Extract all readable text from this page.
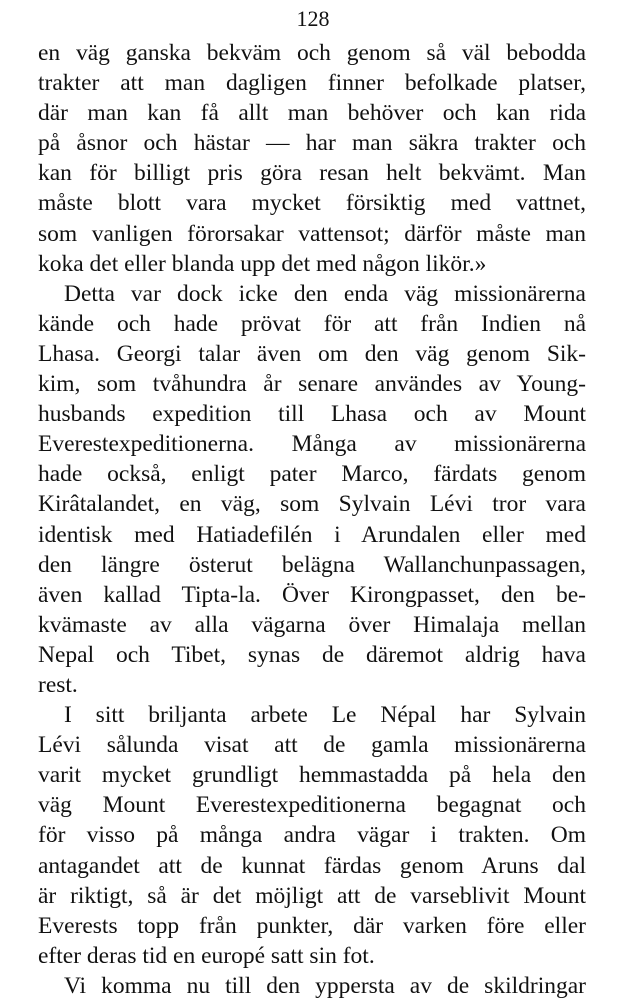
128
en väg ganska bekväm och genom så väl bebodda
trakter att man dagligen finner befolkade platser,
där man kan få allt man behöver och kan rida
på åsnor och hästar — har man säkra trakter och
kan för billigt pris göra resan helt bekvämt. Man
måste blott vara mycket försiktig med vattnet,
som vanligen förorsakar vattensot; därför måste man
koka det eller blanda upp det med någon likör.»
Detta var dock icke den enda väg missionärerna
kände och hade prövat för att från Indien nå
Lhasa. Georgi talar även om den väg genom Sik-
kim, som tvåhundra år senare användes av Young-
husbands expedition till Lhasa och av Mount
Everestexpeditionerna. Många av missionärerna
hade också, enligt pater Marco, färdats genom
Kirâtalandet, en väg, som Sylvain Lévi tror vara
identisk med Hatiadefilén i Arundalen eller med
den längre österut belägna Wallanchunpassagen,
även kallad Tipta-la. Över Kirongpasset, den be-
kvämaste av alla vägarna över Himalaja mellan
Nepal och Tibet, synas de däremot aldrig hava
rest.
I sitt briljanta arbete Le Népal har Sylvain
Lévi sålunda visat att de gamla missionärerna
varit mycket grundligt hemmastadda på hela den
väg Mount Everestexpeditionerna begagnat och
för visso på många andra vägar i trakten. Om
antagandet att de kunnat färdas genom Aruns dal
är riktigt, så är det möjligt att de varseblivit Mount
Everests topp från punkter, där varken före eller
efter deras tid en europé satt sin fot.
Vi komma nu till den yppersta av de skildringar
